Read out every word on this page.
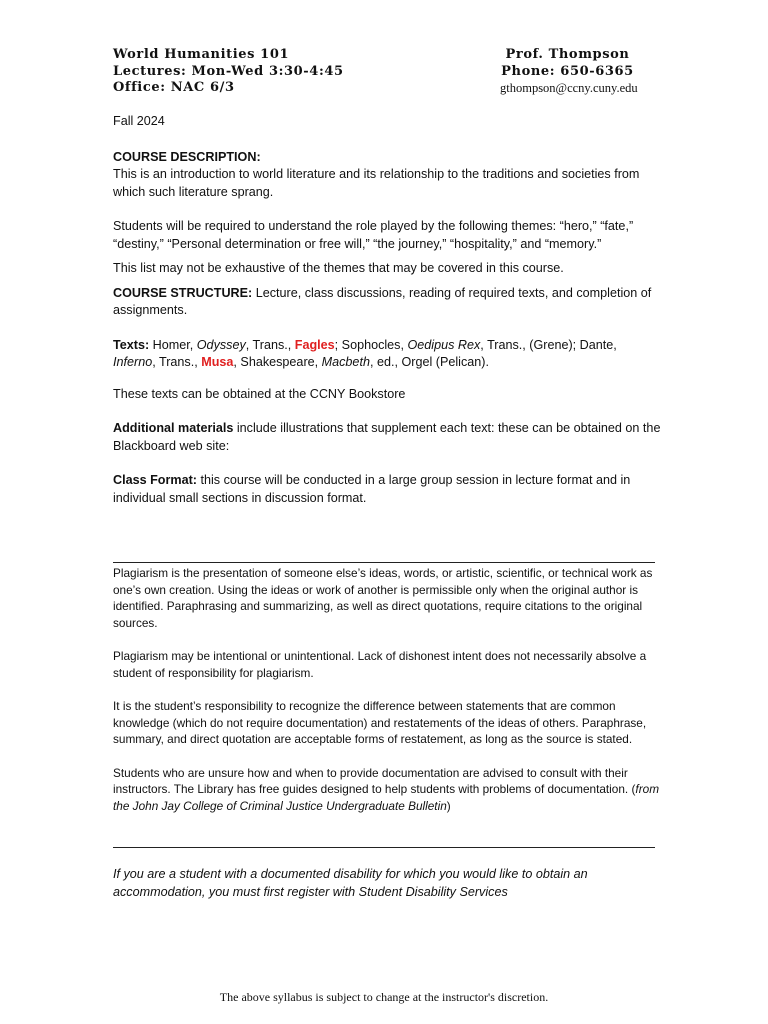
World Humanities 101	Prof. Thompson
Lectures: Mon-Wed 3:30-4:45	Phone: 650-6365
Office: NAC 6/3	gthompson@ccny.cuny.edu

Fall 2024

COURSE DESCRIPTION:
This is an introduction to world literature and its relationship to the traditions and societies from which such literature sprang.

Students will be required to understand the role played by the following themes: “hero,” “fate,” “destiny,” “Personal determination or free will,” “the journey,” “hospitality,” and “memory.”

This list may not be exhaustive of the themes that may be covered in this course.

COURSE STRUCTURE: Lecture, class discussions, reading of required texts, and completion of assignments.

Texts: Homer, Odyssey, Trans., Fagles; Sophocles, Oedipus Rex, Trans., (Grene); Dante, Inferno, Trans., Musa, Shakespeare, Macbeth, ed., Orgel (Pelican).

These texts can be obtained at the CCNY Bookstore

Additional materials include illustrations that supplement each text: these can be obtained on the Blackboard web site:

Class Format: this course will be conducted in a large group session in lecture format and in individual small sections in discussion format.

Plagiarism is the presentation of someone else’s ideas, words, or artistic, scientific, or technical work as one’s own creation. Using the ideas or work of another is permissible only when the original author is identified. Paraphrasing and summarizing, as well as direct quotations, require citations to the original sources.

Plagiarism may be intentional or unintentional. Lack of dishonest intent does not necessarily absolve a student of responsibility for plagiarism.

It is the student’s responsibility to recognize the difference between statements that are common knowledge (which do not require documentation) and restatements of the ideas of others. Paraphrase, summary, and direct quotation are acceptable forms of restatement, as long as the source is stated.

Students who are unsure how and when to provide documentation are advised to consult with their instructors. The Library has free guides designed to help students with problems of documentation. (from the John Jay College of Criminal Justice Undergraduate Bulletin)

If you are a student with a documented disability for which you would like to obtain an accommodation, you must first register with Student Disability Services
The above syllabus is subject to change at the instructor's discretion.
